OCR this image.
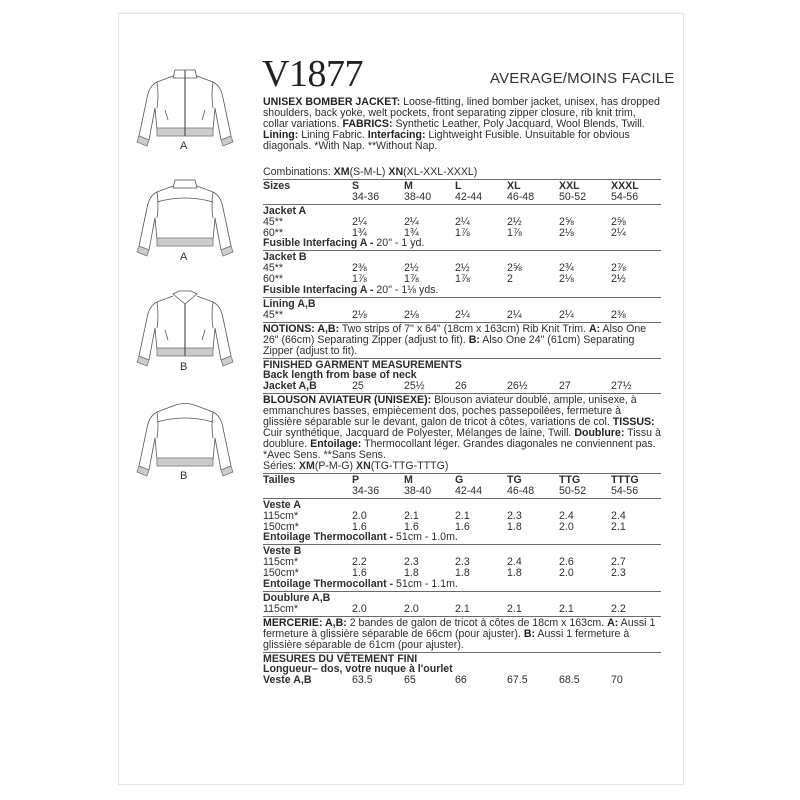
A
A
B
B
V1877	AVERAGE/MOINS FACILE
UNISEX BOMBER JACKET: Loose-fitting, lined bomber jacket, unisex, has dropped shoulders, back yoke, welt pockets, front separating zipper closure, rib knit trim, collar variations. FABRICS: Synthetic Leather, Poly Jacquard, Wool Blends, Twill. Lining: Lining Fabric. Interfacing: Lightweight Fusible. Unsuitable for obvious diagonals. *With Nap. **Without Nap.
Combinations: XM(S-M-L) XN(XL-XXL-XXXL)
Sizes	S	M	L	XL	XXL	XXXL
34-36	38-40	42-44	46-48	50-52	54-56
Jacket A
45**	2¼	2¼	2¼	2½	2⅝	2⅝
60**	1¾	1¾	1⅞	1⅞	2⅛	2¼
Fusible Interfacing A - 20" - 1 yd.
Jacket B
45**	2⅜	2½	2½	2⅝	2¾	2⅞
60**	1⅞	1⅞	1⅞	2	2⅛	2½
Fusible Interfacing A - 20" - 1⅛ yds.
Lining A,B
45**	2⅛	2⅛	2¼	2¼	2¼	2⅜
NOTIONS: A,B: Two strips of 7" x 64" (18cm x 163cm) Rib Knit Trim. A: Also One 26" (66cm) Separating Zipper (adjust to fit). B: Also One 24" (61cm) Separating Zipper (adjust to fit).
FINISHED GARMENT MEASUREMENTS
Back length from base of neck
Jacket A,B	25	25½	26	26½	27	27½
BLOUSON AVIATEUR (UNISEXE): Blouson aviateur doublé, ample, unisexe, à emmanchures basses, empiècement dos, poches passepoilées, fermeture à glissière séparable sur le devant, galon de tricot à côtes, variations de col. TISSUS: Cuir synthétique, Jacquard de Polyester, Mélanges de laine, Twill. Doublure: Tissu à doublure. Entoilage: Thermocollant léger. Grandes diagonales ne conviennent pas. *Avec Sens. **Sans Sens.
Séries: XM(P-M-G) XN(TG-TTG-TTTG)
Tailles	P	M	G	TG	TTG	TTTG
34-36	38-40	42-44	46-48	50-52	54-56
Veste A
115cm*	2.0	2.1	2.1	2.3	2.4	2.4
150cm*	1.6	1.6	1.6	1.8	2.0	2.1
Entoilage Thermocollant - 51cm - 1.0m.
Veste B
115cm*	2.2	2.3	2.3	2.4	2.6	2.7
150cm*	1.6	1.8	1.8	1.8	2.0	2.3
Entoilage Thermocollant - 51cm - 1.1m.
Doublure A,B
115cm*	2.0	2.0	2.1	2.1	2.1	2.2
MERCERIE: A,B: 2 bandes de galon de tricot à côtes de 18cm x 163cm. A: Aussi 1 fermeture à glissière séparable de 66cm (pour ajuster). B: Aussi 1 fermeture à glissière séparable de 61cm (pour ajuster).
MESURES DU VÊTEMENT FINI
Longueur– dos, votre nuque à l'ourlet
Veste A,B	63.5	65	66	67.5	68.5	70
